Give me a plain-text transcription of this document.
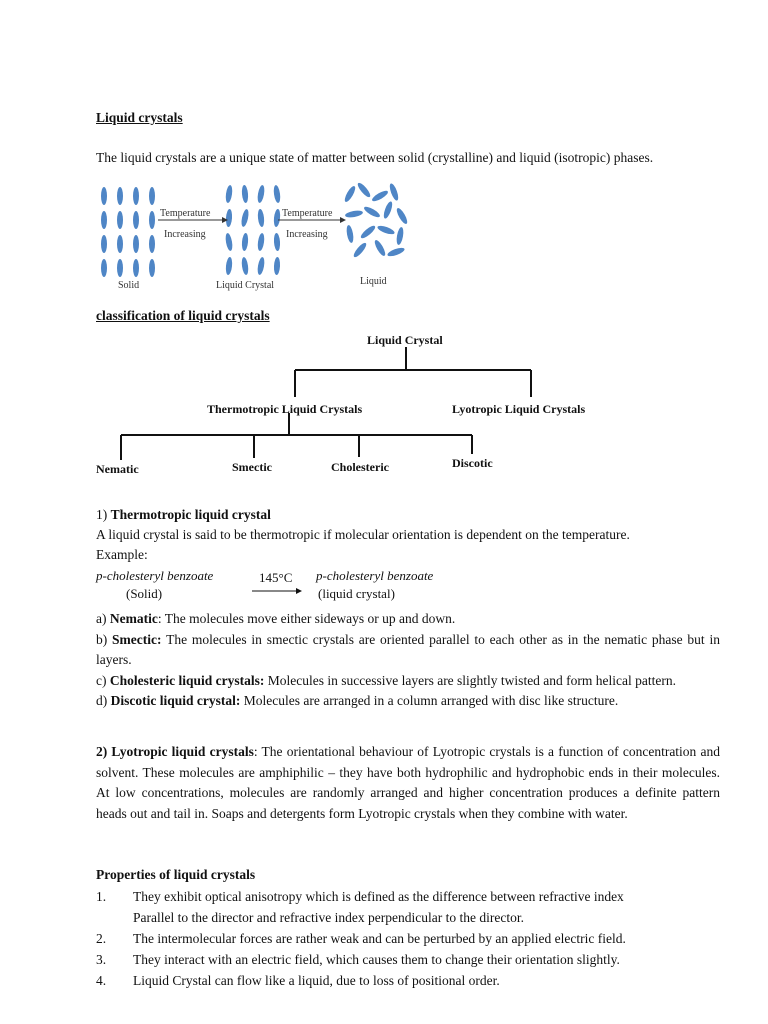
Liquid crystals
The liquid crystals are a unique state of matter between solid (crystalline) and liquid (isotropic) phases.
Temperature
Increasing
Temperature
Increasing
Solid	Liquid Crystal	Liquid
classification of liquid crystals
Liquid Crystal
Thermotropic Liquid Crystals	Lyotropic Liquid Crystals
Nematic	Smectic	Cholesteric	Discotic
1) Thermotropic liquid crystal
A liquid crystal is said to be thermotropic if molecular orientation is dependent on the temperature.
Example:
p-cholesteryl benzoate
(Solid)
145°C p-cholesteryl benzoate
(liquid crystal)

a) Nematic: The molecules move either sideways or up and down.

b) Smectic: The molecules in smectic crystals are oriented parallel to each other as in the nematic phase but in layers.

c) Cholesteric liquid crystals: Molecules in successive layers are slightly twisted and form helical pattern.

d) Discotic liquid crystal: Molecules are arranged in a column arranged with disc like structure.

2) Lyotropic liquid crystals: The orientational behaviour of Lyotropic crystals is a function of concentration and solvent. These molecules are amphiphilic – they have both hydrophilic and hydrophobic ends in their molecules. At low concentrations, molecules are randomly arranged and higher concentration produces a definite pattern heads out and tail in. Soaps and detergents form Lyotropic crystals when they combine with water.

Properties of liquid crystals
1. They exhibit optical anisotropy which is defined as the difference between refractive index
Parallel to the director and refractive index perpendicular to the director.
2. The intermolecular forces are rather weak and can be perturbed by an applied electric field.
3. They interact with an electric field, which causes them to change their orientation slightly.
4. Liquid Crystal can flow like a liquid, due to loss of positional order.
